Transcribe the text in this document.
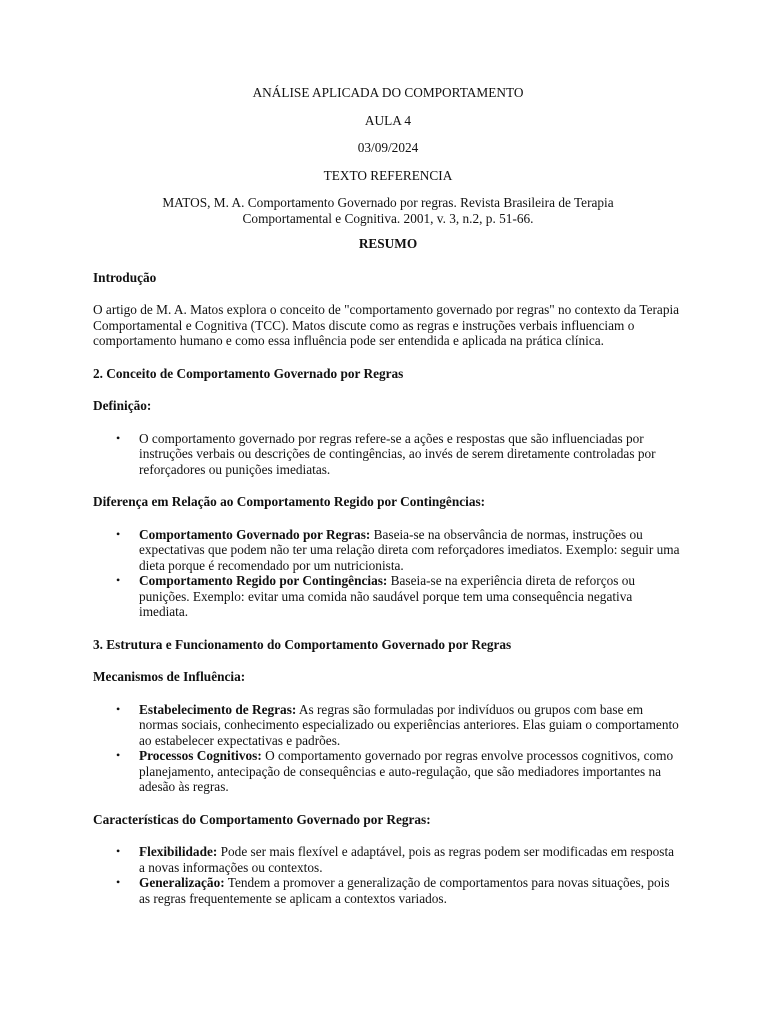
ANÁLISE APLICADA DO COMPORTAMENTO

AULA 4

03/09/2024

TEXTO REFERENCIA

MATOS, M. A. Comportamento Governado por regras. Revista Brasileira de Terapia Comportamental e Cognitiva. 2001, v. 3, n.2, p. 51-66.

RESUMO

Introdução

O artigo de M. A. Matos explora o conceito de "comportamento governado por regras" no contexto da Terapia Comportamental e Cognitiva (TCC). Matos discute como as regras e instruções verbais influenciam o comportamento humano e como essa influência pode ser entendida e aplicada na prática clínica.

2. Conceito de Comportamento Governado por Regras

Definição:

• O comportamento governado por regras refere-se a ações e respostas que são influenciadas por instruções verbais ou descrições de contingências, ao invés de serem diretamente controladas por reforçadores ou punições imediatas.

Diferença em Relação ao Comportamento Regido por Contingências:

• Comportamento Governado por Regras: Baseia-se na observância de normas, instruções ou expectativas que podem não ter uma relação direta com reforçadores imediatos. Exemplo: seguir uma dieta porque é recomendado por um nutricionista.
• Comportamento Regido por Contingências: Baseia-se na experiência direta de reforços ou punições. Exemplo: evitar uma comida não saudável porque tem uma consequência negativa imediata.

3. Estrutura e Funcionamento do Comportamento Governado por Regras

Mecanismos de Influência:

• Estabelecimento de Regras: As regras são formuladas por indivíduos ou grupos com base em normas sociais, conhecimento especializado ou experiências anteriores. Elas guiam o comportamento ao estabelecer expectativas e padrões.
• Processos Cognitivos: O comportamento governado por regras envolve processos cognitivos, como planejamento, antecipação de consequências e auto-regulação, que são mediadores importantes na adesão às regras.

Características do Comportamento Governado por Regras:

• Flexibilidade: Pode ser mais flexível e adaptável, pois as regras podem ser modificadas em resposta a novas informações ou contextos.
• Generalização: Tendem a promover a generalização de comportamentos para novas situações, pois as regras frequentemente se aplicam a contextos variados.
